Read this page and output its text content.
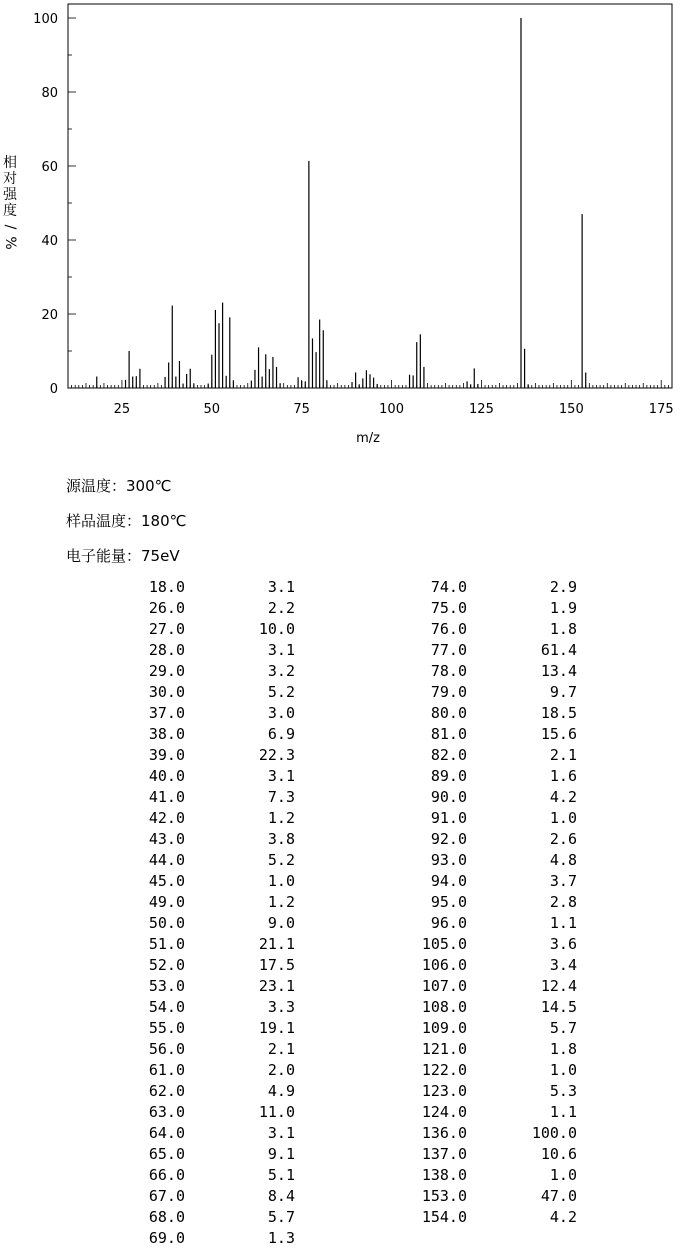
25	50	75	100	125	150	175
0
20
40
60
80
100
m/z
相
对
强
度
/
%
源温度：300℃
样品温度：180℃
电子能量：75eV
18.0	3.1
26.0	2.2
27.0	10.0
28.0	3.1
29.0	3.2
30.0	5.2
37.0	3.0
38.0	6.9
39.0	22.3
40.0	3.1
41.0	7.3
42.0	1.2
43.0	3.8
44.0	5.2
45.0	1.0
49.0	1.2
50.0	9.0
51.0	21.1
52.0	17.5
53.0	23.1
54.0	3.3
55.0	19.1
56.0	2.1
61.0	2.0
62.0	4.9
63.0	11.0
64.0	3.1
65.0	9.1
66.0	5.1
67.0	8.4
68.0	5.7
69.0	1.3
74.0	2.9
75.0	1.9
76.0	1.8
77.0	61.4
78.0	13.4
79.0	9.7
80.0	18.5
81.0	15.6
82.0	2.1
89.0	1.6
90.0	4.2
91.0	1.0
92.0	2.6
93.0	4.8
94.0	3.7
95.0	2.8
96.0	1.1
105.0	3.6
106.0	3.4
107.0	12.4
108.0	14.5
109.0	5.7
121.0	1.8
122.0	1.0
123.0	5.3
124.0	1.1
136.0	100.0
137.0	10.6
138.0	1.0
153.0	47.0
154.0	4.2
